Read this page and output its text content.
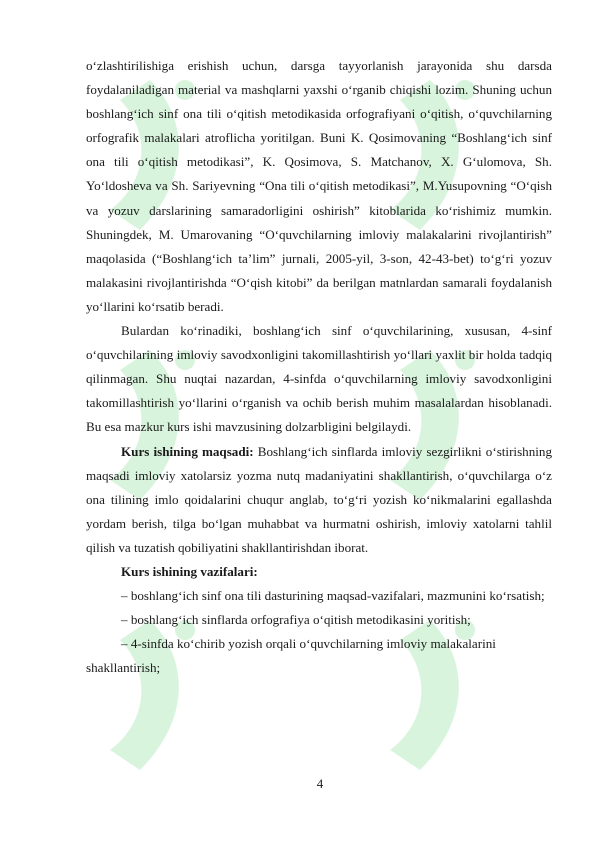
o‘zlashtirilishiga erishish uchun, darsga tayyorlanish jarayonida shu darsda foydalaniladigan material va mashqlarni yaxshi o‘rganib chiqishi lozim. Shuning uchun boshlang‘ich sinf ona tili o‘qitish metodikasida orfografiyani o‘qitish, o‘quvchilarning orfografik malakalari atroflicha yoritilgan. Buni K. Qosimovaning “Boshlang‘ich sinf ona tili o‘qitish metodikasi”, K. Qosimova, S. Matchanov, X. G‘ulomova, Sh. Yo‘ldosheva va Sh. Sariyevning “Ona tili o‘qitish metodikasi”, M.Yusupovning “O‘qish va yozuv darslarining samaradorligini oshirish” kitoblarida ko‘rishimiz mumkin. Shuningdek, M. Umarovaning “O‘quvchilarning imloviy malakalarini rivojlantirish” maqolasida (“Boshlang‘ich ta’lim” jurnali, 2005-yil, 3-son, 42-43-bet) to‘g‘ri yozuv malakasini rivojlantirishda “O‘qish kitobi” da berilgan matnlardan samarali foydalanish yo‘llarini ko‘rsatib beradi.

Bulardan ko‘rinadiki, boshlang‘ich sinf o‘quvchilarining, xususan, 4-sinf o‘quvchilarining imloviy savodxonligini takomillashtirish yo‘llari yaxlit bir holda tadqiq qilinmagan. Shu nuqtai nazardan, 4-sinfda o‘quvchilarning imloviy savodxonligini takomillashtirish yo‘llarini o‘rganish va ochib berish muhim masalalardan hisoblanadi. Bu esa mazkur kurs ishi mavzusining dolzarbligini belgilaydi.

Kurs ishining maqsadi: Boshlang‘ich sinflarda imloviy sezgirlikni o‘stirishning maqsadi imloviy xatolarsiz yozma nutq madaniyatini shakllantirish, o‘quvchilarga o‘z ona tilining imlo qoidalarini chuqur anglab, to‘g‘ri yozish ko‘nikmalarini egallashda yordam berish, tilga bo‘lgan muhabbat va hurmatni oshirish, imloviy xatolarni tahlil qilish va tuzatish qobiliyatini shakllantirishdan iborat.

Kurs ishining vazifalari:

– boshlang‘ich sinf ona tili dasturining maqsad-vazifalari, mazmunini ko‘rsatish;

– boshlang‘ich sinflarda orfografiya o‘qitish metodikasini yoritish;

– 4-sinfda ko‘chirib yozish orqali o‘quvchilarning imloviy malakalarini shakllantirish;

4
